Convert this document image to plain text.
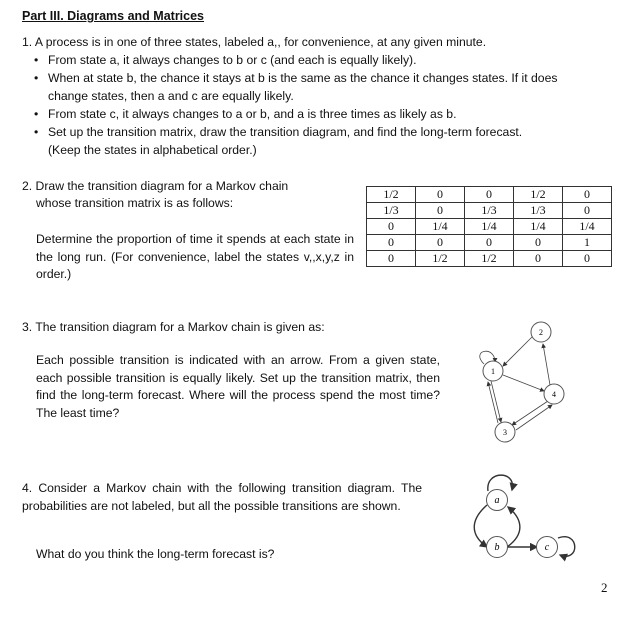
Part III. Diagrams and Matrices
1. A process is in one of three states, labeled a,, for convenience, at any given minute.
• From state a, it always changes to b or c (and each is equally likely).
• When at state b, the chance it stays at b is the same as the chance it changes states. If it does
change states, then a and c are equally likely.
• From state c, it always changes to a or b, and a is three times as likely as b.
• Set up the transition matrix, draw the transition diagram, and find the long-term forecast.
(Keep the states in alphabetical order.)
2. Draw the transition diagram for a Markov chain
whose transition matrix is as follows:
Determine the proportion of time it spends at each state in the long run. (For convenience, label the states v,,x,y,z in order.)
1/2	0	0	1/2	0
1/3	0	1/3	1/3	0
0	1/4	1/4	1/4	1/4
0	0	0	0	1
0	1/2	1/2	0	0
3. The transition diagram for a Markov chain is given as:
Each possible transition is indicated with an arrow. From a given state, each possible transition is equally likely. Set up the transition matrix, then find the long-term forecast. Where will the process spend the most time? The least time?
1
2
3
4
a
b	c
4. Consider a Markov chain with the following transition diagram. The probabilities are not labeled, but all the possible transitions are shown.
What do you think the long-term forecast is?
2
